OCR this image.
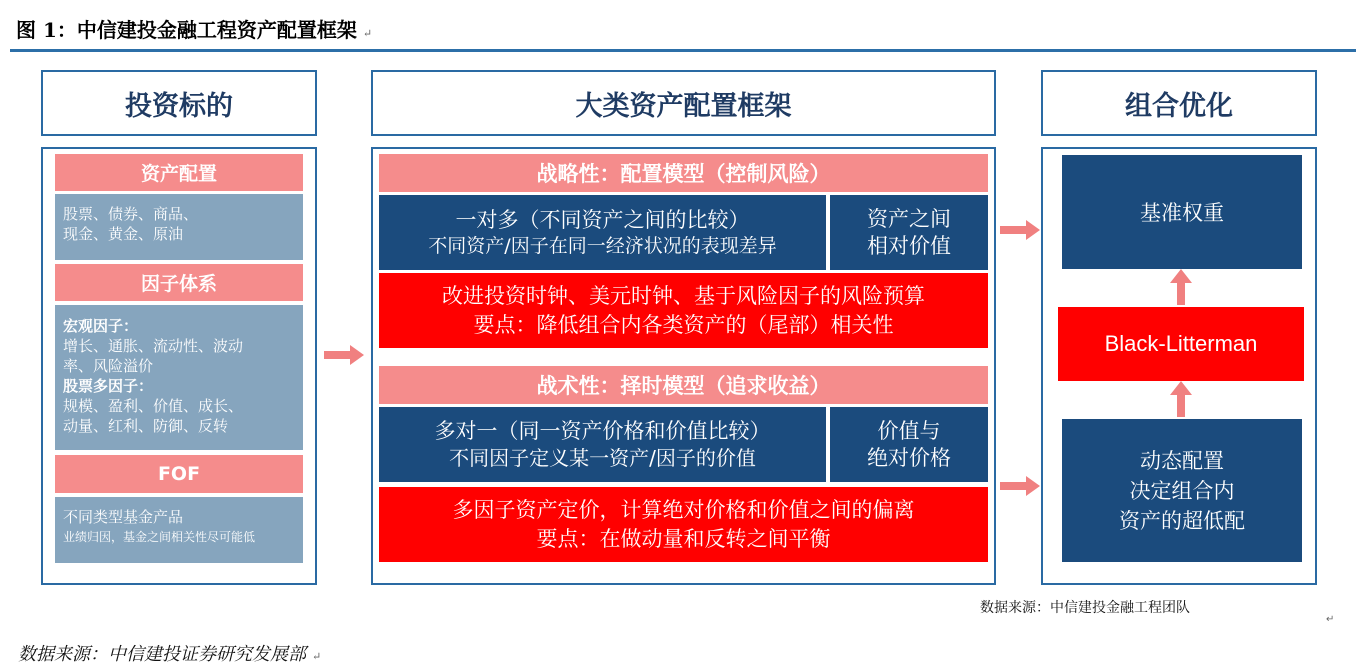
图 1：中信建投金融工程资产配置框架 ↵
投资标的	大类资产配置框架	组合优化
资产配置
股票、债券、商品、
现金、黄金、原油
因子体系
宏观因子：
增长、通胀、流动性、波动
率、风险溢价
股票多因子：
规模、盈利、价值、成长、
动量、红利、防御、反转
FOF
不同类型基金产品
业绩归因，基金之间相关性尽可能低
战略性：配置模型（控制风险）
一对多（不同资产之间的比较）
不同资产/因子在同一经济状况的表现差异
资产之间
相对价值
改进投资时钟、美元时钟、基于风险因子的风险预算
要点：降低组合内各类资产的（尾部）相关性
战术性：择时模型（追求收益）
多对一（同一资产价格和价值比较）
不同因子定义某一资产/因子的价值
价值与
绝对价格
多因子资产定价，计算绝对价格和价值之间的偏离
要点：在做动量和反转之间平衡
基准权重
Black-Litterman
动态配置
决定组合内
资产的超低配
数据来源：中信建投金融工程团队
↵
数据来源：中信建投证券研究发展部 ↵
